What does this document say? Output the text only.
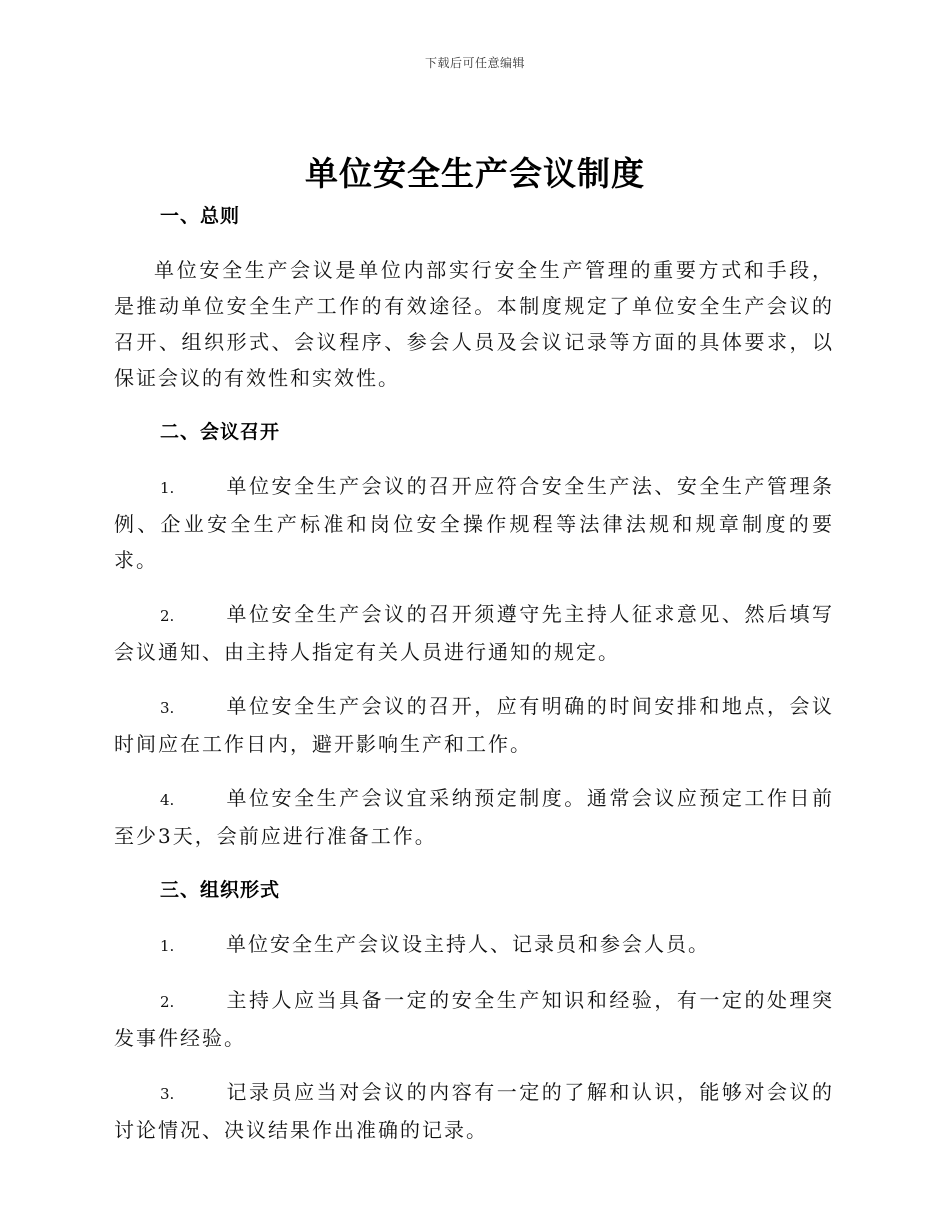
下载后可任意编辑
单位安全生产会议制度
一、总则
单位安全生产会议是单位内部实行安全生产管理的重要方式和手段，是推动单位安全生产工作的有效途径。本制度规定了单位安全生产会议的召开、组织形式、会议程序、参会人员及会议记录等方面的具体要求，以保证会议的有效性和实效性。
二、会议召开
1.	单位安全生产会议的召开应符合安全生产法、安全生产管理条例、企业安全生产标准和岗位安全操作规程等法律法规和规章制度的要求。
2.	单位安全生产会议的召开须遵守先主持人征求意见、然后填写会议通知、由主持人指定有关人员进行通知的规定。
3.	单位安全生产会议的召开，应有明确的时间安排和地点，会议时间应在工作日内，避开影响生产和工作。
4.	单位安全生产会议宜采纳预定制度。通常会议应预定工作日前至少3天，会前应进行准备工作。
三、组织形式
1.	单位安全生产会议设主持人、记录员和参会人员。
2.	主持人应当具备一定的安全生产知识和经验，有一定的处理突发事件经验。
3.	记录员应当对会议的内容有一定的了解和认识，能够对会议的讨论情况、决议结果作出准确的记录。
